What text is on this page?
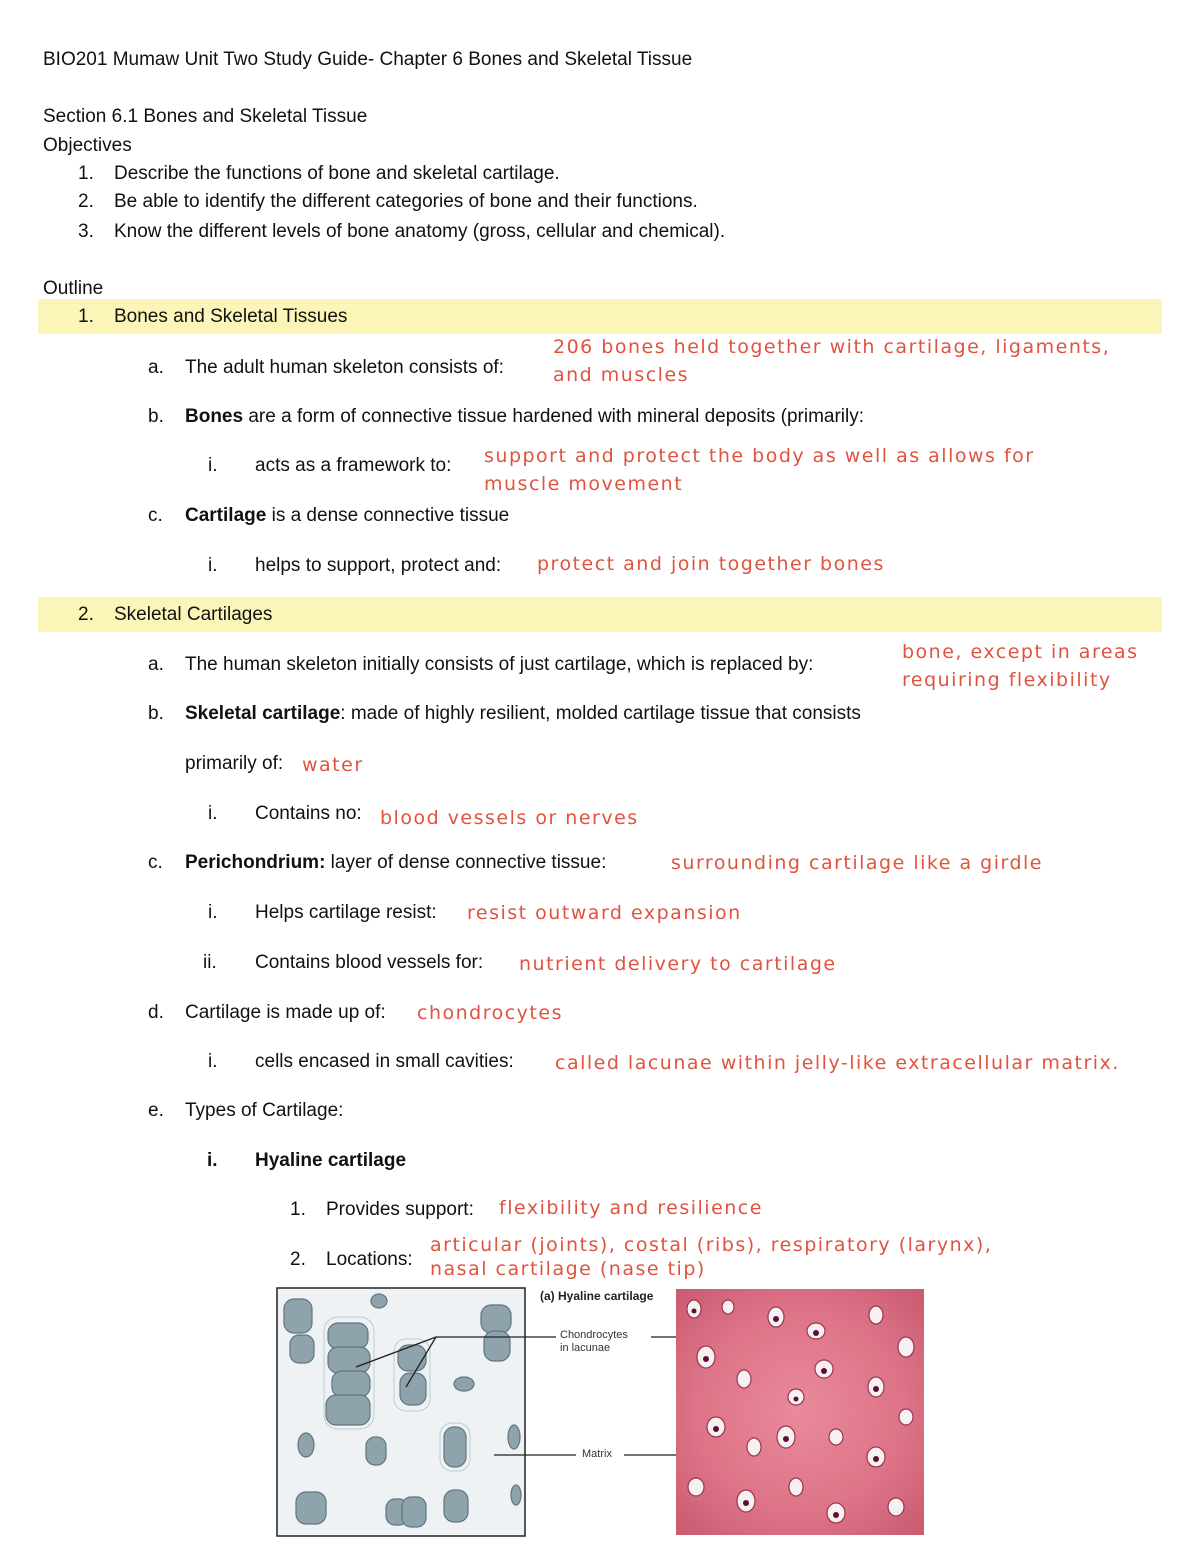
BIO201 Mumaw Unit Two Study Guide- Chapter 6 Bones and Skeletal Tissue
Section 6.1 Bones and Skeletal Tissue
Objectives
1. Describe the functions of bone and skeletal cartilage.
2. Be able to identify the different categories of bone and their functions.
3. Know the different levels of bone anatomy (gross, cellular and chemical).
Outline
1. Bones and Skeletal Tissues
a. The adult human skeleton consists of:
206 bones held together with cartilage, ligaments,
and muscles
b. Bones are a form of connective tissue hardened with mineral deposits (primarily:
i. acts as a framework to: support and protect the body as well as allows for
muscle movement
c. Cartilage is a dense connective tissue
i. helps to support, protect and: protect and join together bones
2. Skeletal Cartilages
a. The human skeleton initially consists of just cartilage, which is replaced by:
bone, except in areas
requiring flexibility
b. Skeletal cartilage: made of highly resilient, molded cartilage tissue that consists
primarily of: water
i. Contains no: blood vessels or nerves
c. Perichondrium: layer of dense connective tissue:	surrounding cartilage like a girdle
i. Helps cartilage resist: resist outward expansion
ii. Contains blood vessels for: nutrient delivery to cartilage
d. Cartilage is made up of: chondrocytes
i. cells encased in small cavities: called lacunae within jelly-like extracellular matrix.
e. Types of Cartilage:
i. Hyaline cartilage
1. Provides support: flexibility and resilience
2. Locations:
articular (joints), costal (ribs), respiratory (larynx),
nasal cartilage (nase tip)
(a) Hyaline cartilage
Chondrocytes
in lacunae
Matrix
